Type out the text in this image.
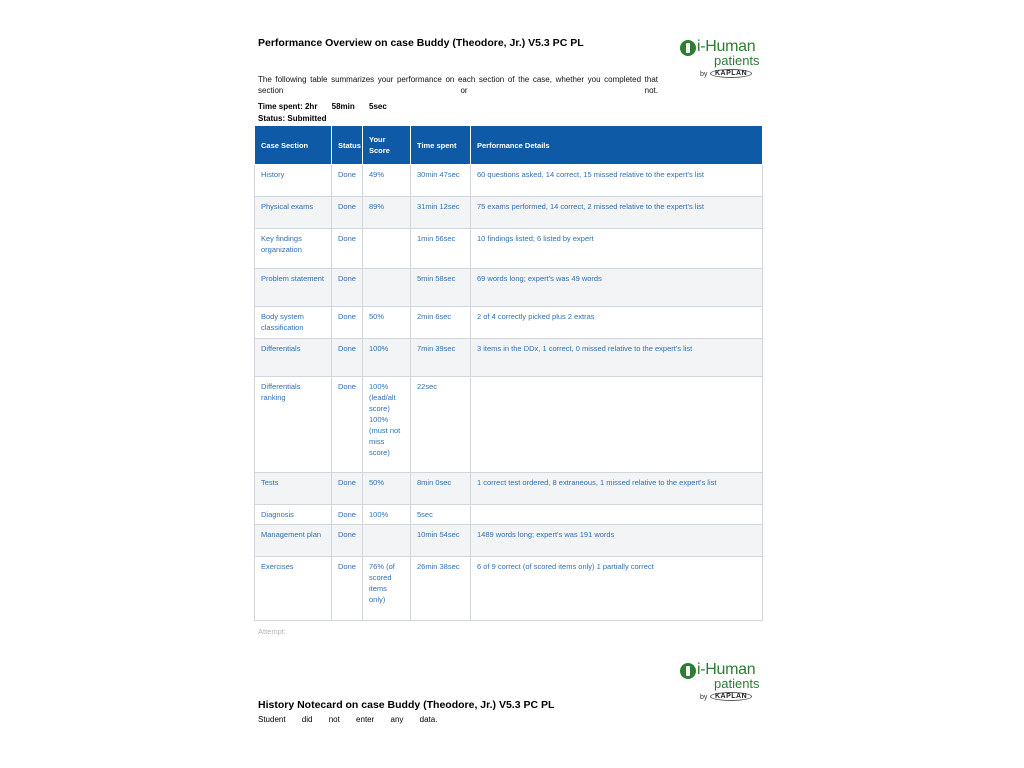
Performance Overview on case Buddy (Theodore, Jr.) V5.3 PC PL	i-Human
patients
by	KAPLAN
The following table summarizes your performance on each section of the case, whether you completed that section or not.
Time spent: 2hr 58min 5sec
Status: Submitted
Case Section	Status	Your Score	Time spent	Performance Details
History	Done	49%	30min 47sec	60 questions asked, 14 correct, 15 missed relative to the expert's list
Physical exams	Done	89%	31min 12sec	75 exams performed, 14 correct, 2 missed relative to the expert's list
Key findings organization	Done		1min 56sec	10 findings listed; 6 listed by expert
Problem statement	Done		5min 58sec	69 words long; expert's was 49 words
Body system classification	Done	50%	2min 6sec	2 of 4 correctly picked plus 2 extras
Differentials	Done	100%	7min 39sec	3 items in the DDx, 1 correct, 0 missed relative to the expert's list
Differentials ranking	Done	100% (lead/alt score) 100% (must not miss score)	22sec	
Tests	Done	50%	8min 0sec	1 correct test ordered, 8 extraneous, 1 missed relative to the expert's list
Diagnosis	Done	100%	5sec	
Management plan	Done		10min 54sec	1489 words long; expert's was 191 words
Exercises	Done	76% (of scored items only)	26min 38sec	6 of 9 correct (of scored items only) 1 partially correct
Attempt:
i-Human
patients
by	KAPLAN
History Notecard on case Buddy (Theodore, Jr.) V5.3 PC PL
Student did not enter any data.
